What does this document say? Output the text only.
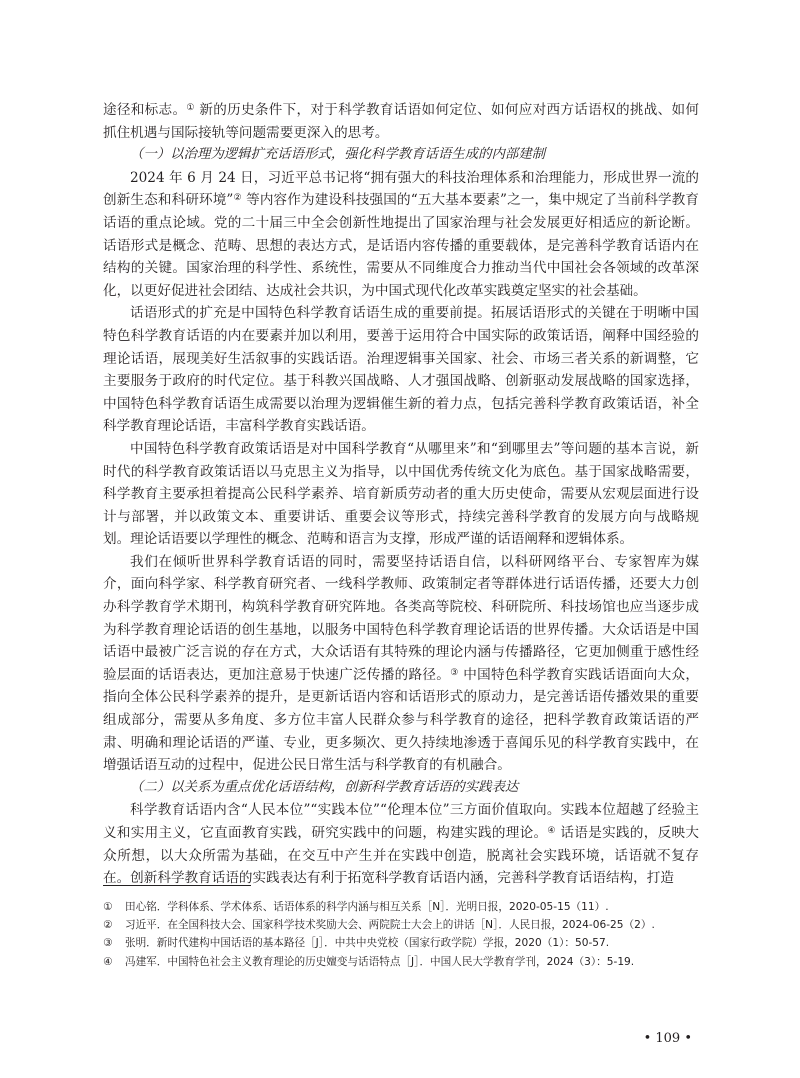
途径和标志。① 新的历史条件下，对于科学教育话语如何定位、如何应对西方话语权的挑战、如何抓住机遇与国际接轨等问题需要更深入的思考。

（一）以治理为逻辑扩充话语形式，强化科学教育话语生成的内部建制

2024 年 6 月 24 日，习近平总书记将“拥有强大的科技治理体系和治理能力，形成世界一流的创新生态和科研环境”② 等内容作为建设科技强国的“五大基本要素”之一，集中规定了当前科学教育话语的重点论域。党的二十届三中全会创新性地提出了国家治理与社会发展更好相适应的新论断。话语形式是概念、范畴、思想的表达方式，是话语内容传播的重要载体，是完善科学教育话语内在结构的关键。国家治理的科学性、系统性，需要从不同维度合力推动当代中国社会各领域的改革深化，以更好促进社会团结、达成社会共识，为中国式现代化改革实践奠定坚实的社会基础。

话语形式的扩充是中国特色科学教育话语生成的重要前提。拓展话语形式的关键在于明晰中国特色科学教育话语的内在要素并加以利用，要善于运用符合中国实际的政策话语，阐释中国经验的理论话语，展现美好生活叙事的实践话语。治理逻辑事关国家、社会、市场三者关系的新调整，它主要服务于政府的时代定位。基于科教兴国战略、人才强国战略、创新驱动发展战略的国家选择，中国特色科学教育话语生成需要以治理为逻辑催生新的着力点，包括完善科学教育政策话语，补全科学教育理论话语，丰富科学教育实践话语。

中国特色科学教育政策话语是对中国科学教育“从哪里来”和“到哪里去”等问题的基本言说，新时代的科学教育政策话语以马克思主义为指导，以中国优秀传统文化为底色。基于国家战略需要，科学教育主要承担着提高公民科学素养、培育新质劳动者的重大历史使命，需要从宏观层面进行设计与部署，并以政策文本、重要讲话、重要会议等形式，持续完善科学教育的发展方向与战略规划。理论话语要以学理性的概念、范畴和语言为支撑，形成严谨的话语阐释和逻辑体系。

我们在倾听世界科学教育话语的同时，需要坚持话语自信，以科研网络平台、专家智库为媒介，面向科学家、科学教育研究者、一线科学教师、政策制定者等群体进行话语传播，还要大力创办科学教育学术期刊，构筑科学教育研究阵地。各类高等院校、科研院所、科技场馆也应当逐步成为科学教育理论话语的创生基地，以服务中国特色科学教育理论话语的世界传播。大众话语是中国话语中最被广泛言说的存在方式，大众话语有其特殊的理论内涵与传播路径，它更加侧重于感性经验层面的话语表达，更加注意易于快速广泛传播的路径。③ 中国特色科学教育实践话语面向大众，指向全体公民科学素养的提升，是更新话语内容和话语形式的原动力，是完善话语传播效果的重要组成部分，需要从多角度、多方位丰富人民群众参与科学教育的途径，把科学教育政策话语的严肃、明确和理论话语的严谨、专业，更多频次、更久持续地渗透于喜闻乐见的科学教育实践中，在增强话语互动的过程中，促进公民日常生活与科学教育的有机融合。

（二）以关系为重点优化话语结构，创新科学教育话语的实践表达

科学教育话语内含“人民本位”“实践本位”“伦理本位”三方面价值取向。实践本位超越了经验主义和实用主义，它直面教育实践，研究实践中的问题，构建实践的理论。④ 话语是实践的，反映大众所想，以大众所需为基础，在交互中产生并在实践中创造，脱离社会实践环境，话语就不复存在。创新科学教育话语的实践表达有利于拓宽科学教育话语内涵，完善科学教育话语结构，打造

① 田心铭．学科体系、学术体系、话语体系的科学内涵与相互关系［N］．光明日报，2020-05-15（11）.
② 习近平．在全国科技大会、国家科学技术奖励大会、两院院士大会上的讲话［N］．人民日报，2024-06-25（2）.
③ 张明．新时代建构中国话语的基本路径［J］．中共中央党校（国家行政学院）学报，2020（1）：50-57.
④ 冯建军．中国特色社会主义教育理论的历史嬗变与话语特点［J］．中国人民大学教育学刊，2024（3）：5-19.
• 109 •
